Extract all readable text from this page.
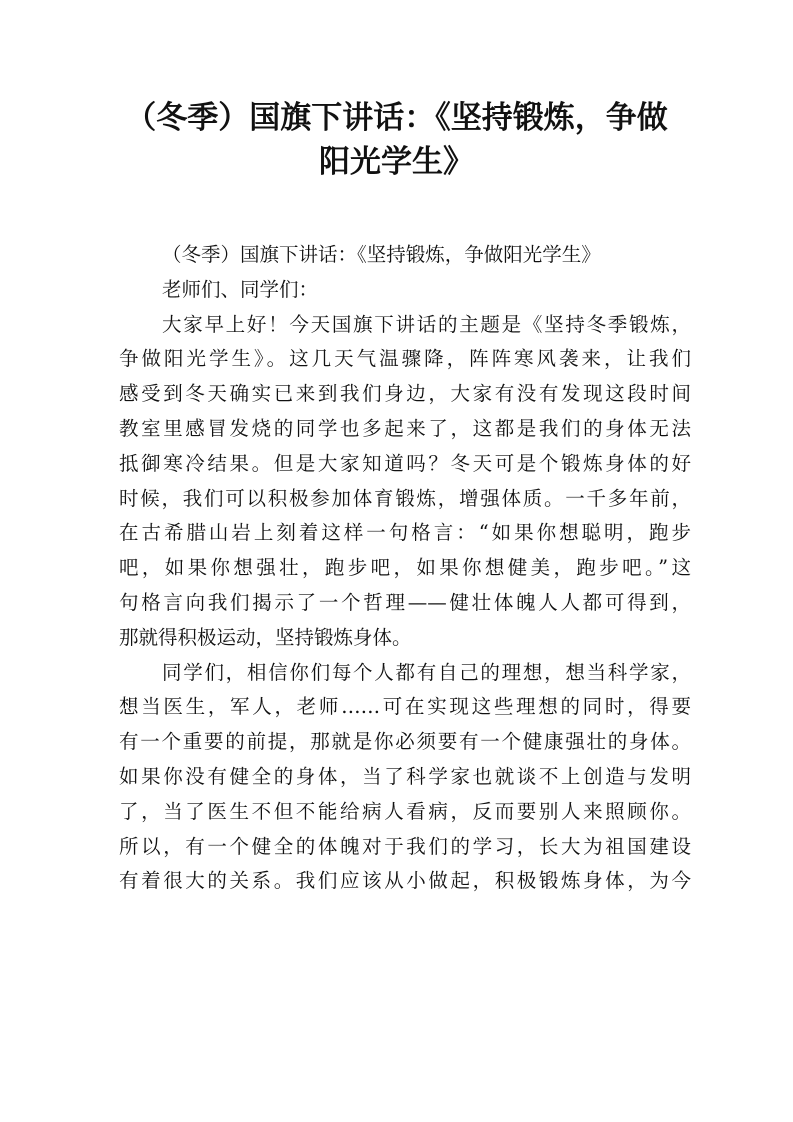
（冬季）国旗下讲话：《坚持锻炼，争做
阳光学生》
（冬季）国旗下讲话：《坚持锻炼，争做阳光学生》
老师们、同学们：
大家早上好！今天国旗下讲话的主题是《坚持冬季锻炼，
争做阳光学生》。这几天气温骤降，阵阵寒风袭来，让我们
感受到冬天确实已来到我们身边，大家有没有发现这段时间
教室里感冒发烧的同学也多起来了，这都是我们的身体无法
抵御寒冷结果。但是大家知道吗？冬天可是个锻炼身体的好
时候，我们可以积极参加体育锻炼，增强体质。一千多年前，
在古希腊山岩上刻着这样一句格言：“如果你想聪明，跑步
吧，如果你想强壮，跑步吧，如果你想健美，跑步吧。”这
句格言向我们揭示了一个哲理——健壮体魄人人都可得到，
那就得积极运动，坚持锻炼身体。
同学们，相信你们每个人都有自己的理想，想当科学家，
想当医生，军人，老师……可在实现这些理想的同时，得要
有一个重要的前提，那就是你必须要有一个健康强壮的身体。
如果你没有健全的身体，当了科学家也就谈不上创造与发明
了，当了医生不但不能给病人看病，反而要别人来照顾你。
所以，有一个健全的体魄对于我们的学习，长大为祖国建设
有着很大的关系。我们应该从小做起，积极锻炼身体，为今
